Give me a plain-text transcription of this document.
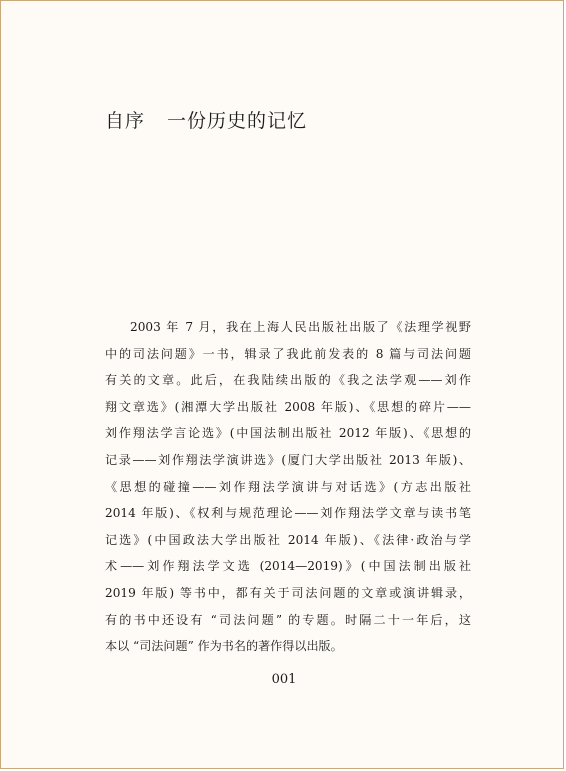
自序 一份历史的记忆
2003 年 7 月，我在上海人民出版社出版了《法理学视野
中的司法问题》一书，辑录了我此前发表的 8 篇与司法问题
有关的文章。此后，在我陆续出版的《我之法学观——刘作
翔文章选》(湘潭大学出版社 2008 年版)、《思想的碎片——
刘作翔法学言论选》(中国法制出版社 2012 年版)、《思想的
记录——刘作翔法学演讲选》(厦门大学出版社 2013 年版)、
《思想的碰撞——刘作翔法学演讲与对话选》(方志出版社
2014 年版)、《权利与规范理论——刘作翔法学文章与读书笔
记选》(中国政法大学出版社 2014 年版)、《法律·政治与学
术——刘作翔法学文选 (2014—2019)》(中国法制出版社
2019 年版) 等书中，都有关于司法问题的文章或演讲辑录，
有的书中还设有 “司法问题” 的专题。时隔二十一年后，这
本以 “司法问题” 作为书名的著作得以出版。

001
